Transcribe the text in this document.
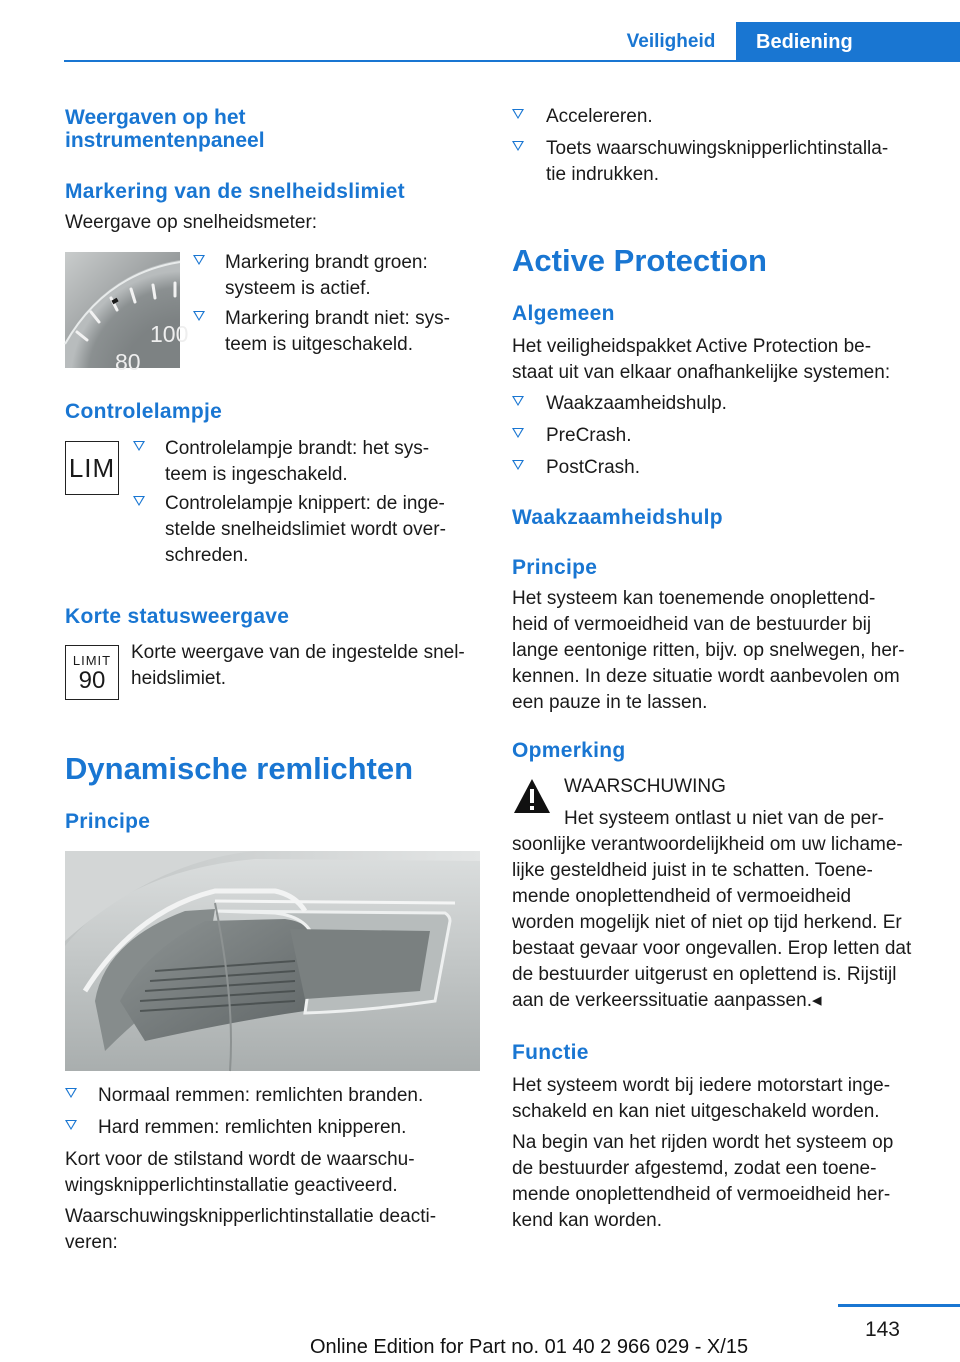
Veiligheid	Bediening
Weergaven op het instrumentenpaneel
Markering van de snelheidslimiet
Weergave op snelheidsmeter:
100
80
Markering brandt groen:
systeem is actief.
Markering brandt niet: sys-
teem is uitgeschakeld.
Controlelampje
LIM
Controlelampje brandt: het sys-
teem is ingeschakeld.
Controlelampje knippert: de inge-
stelde snelheidslimiet wordt over-
schreden.
Korte statusweergave
LIMIT
90
Korte weergave van de ingestelde snel-
heidslimiet.
Dynamische remlichten
Principe
Normaal remmen: remlichten branden.
Hard remmen: remlichten knipperen.
Kort voor de stilstand wordt de waarschu-
wingsknipperlichtinstallatie geactiveerd.
Waarschuwingsknipperlichtinstallatie deacti-
veren:
Accelereren.
Toets waarschuwingsknipperlichtinstalla-
tie indrukken.
Active Protection
Algemeen
Het veiligheidspakket Active Protection be-
staat uit van elkaar onafhankelijke systemen:
Waakzaamheidshulp.
PreCrash.
PostCrash.
Waakzaamheidshulp
Principe
Het systeem kan toenemende onoplettend-
heid of vermoeidheid van de bestuurder bij
lange eentonige ritten, bijv. op snelwegen, her-
kennen. In deze situatie wordt aanbevolen om
een pauze in te lassen.
Opmerking
WAARSCHUWING
Het systeem ontlast u niet van de per-
soonlijke verantwoordelijkheid om uw lichame-
lijke gesteldheid juist in te schatten. Toene-
mende onoplettendheid of vermoeidheid
worden mogelijk niet of niet op tijd herkend. Er
bestaat gevaar voor ongevallen. Erop letten dat
de bestuurder uitgerust en oplettend is. Rijstijl
aan de verkeerssituatie aanpassen.◂
Functie
Het systeem wordt bij iedere motorstart inge-
schakeld en kan niet uitgeschakeld worden.
Na begin van het rijden wordt het systeem op
de bestuurder afgestemd, zodat een toene-
mende onoplettendheid of vermoeidheid her-
kend kan worden.
143
Online Edition for Part no. 01 40 2 966 029 - X/15
